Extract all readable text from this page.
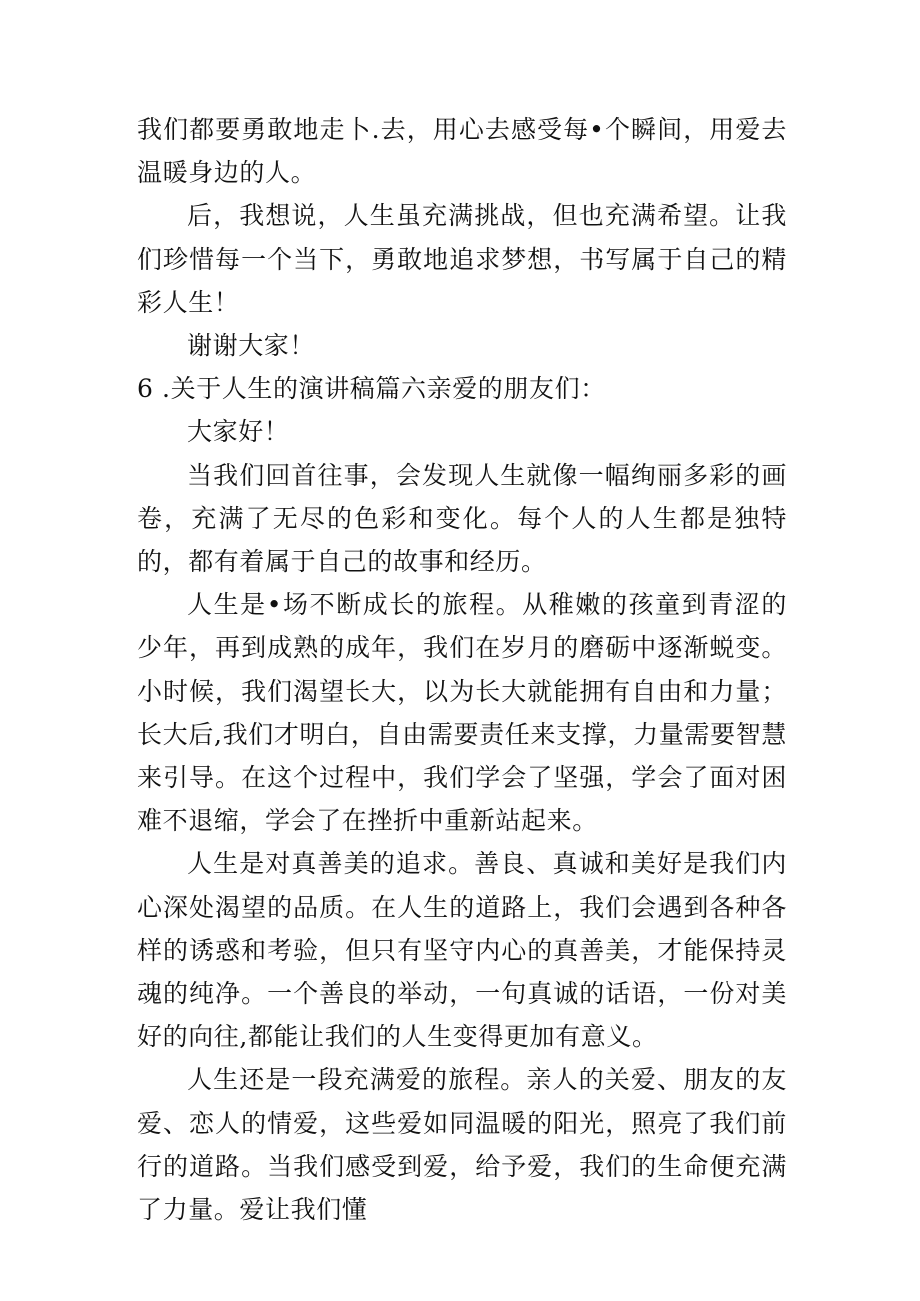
我们都要勇敢地走卜.去，用心去感受每•个瞬间，用爱去温暖身边的人。

后，我想说，人生虽充满挑战，但也充满希望。让我们珍惜每一个当下，勇敢地追求梦想，书写属于自己的精彩人生！

谢谢大家！

6 .关于人生的演讲稿篇六亲爱的朋友们：

大家好！

当我们回首往事，会发现人生就像一幅绚丽多彩的画卷，充满了无尽的色彩和变化。每个人的人生都是独特的，都有着属于自己的故事和经历。

人生是•场不断成长的旅程。从稚嫩的孩童到青涩的少年，再到成熟的成年，我们在岁月的磨砺中逐渐蜕变。小时候，我们渴望长大，以为长大就能拥有自由和力量；长大后,我们才明白，自由需要责任来支撑，力量需要智慧来引导。在这个过程中，我们学会了坚强，学会了面对困难不退缩，学会了在挫折中重新站起来。

人生是对真善美的追求。善良、真诚和美好是我们内心深处渴望的品质。在人生的道路上，我们会遇到各种各样的诱惑和考验，但只有坚守内心的真善美，才能保持灵魂的纯净。一个善良的举动，一句真诚的话语，一份对美好的向往,都能让我们的人生变得更加有意义。

人生还是一段充满爱的旅程。亲人的关爱、朋友的友爱、恋人的情爱，这些爱如同温暖的阳光，照亮了我们前行的道路。当我们感受到爱，给予爱，我们的生命便充满了力量。爱让我们懂
